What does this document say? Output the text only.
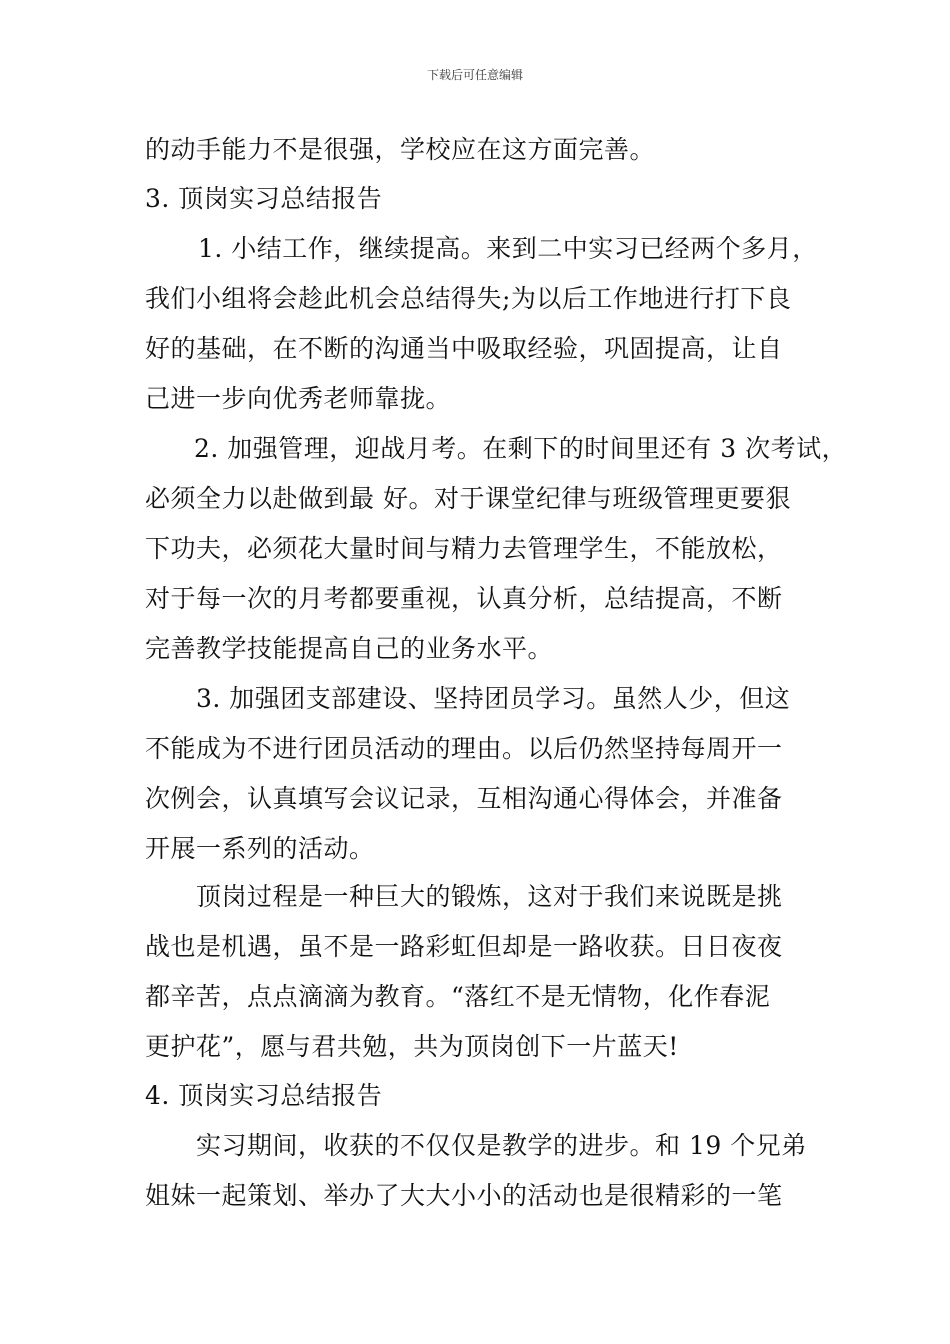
下载后可任意编辑
的动手能力不是很强，学校应在这方面完善。
3. 顶岗实习总结报告
1. 小结工作，继续提高。来到二中实习已经两个多月，
我们小组将会趁此机会总结得失;为以后工作地进行打下良
好的基础，在不断的沟通当中吸取经验，巩固提高，让自
己进一步向优秀老师靠拢。
2. 加强管理，迎战月考。在剩下的时间里还有 3 次考试，
必须全力以赴做到最 好。对于课堂纪律与班级管理更要狠
下功夫，必须花大量时间与精力去管理学生，不能放松，
对于每一次的月考都要重视，认真分析，总结提高，不断
完善教学技能提高自己的业务水平。
3. 加强团支部建设、坚持团员学习。虽然人少，但这
不能成为不进行团员活动的理由。以后仍然坚持每周开一
次例会，认真填写会议记录，互相沟通心得体会，并准备
开展一系列的活动。
顶岗过程是一种巨大的锻炼，这对于我们来说既是挑
战也是机遇，虽不是一路彩虹但却是一路收获。日日夜夜
都辛苦，点点滴滴为教育。“落红不是无情物，化作春泥
更护花”，愿与君共勉，共为顶岗创下一片蓝天!
4. 顶岗实习总结报告
实习期间，收获的不仅仅是教学的进步。和 19 个兄弟
姐妹一起策划、举办了大大小小的活动也是很精彩的一笔
